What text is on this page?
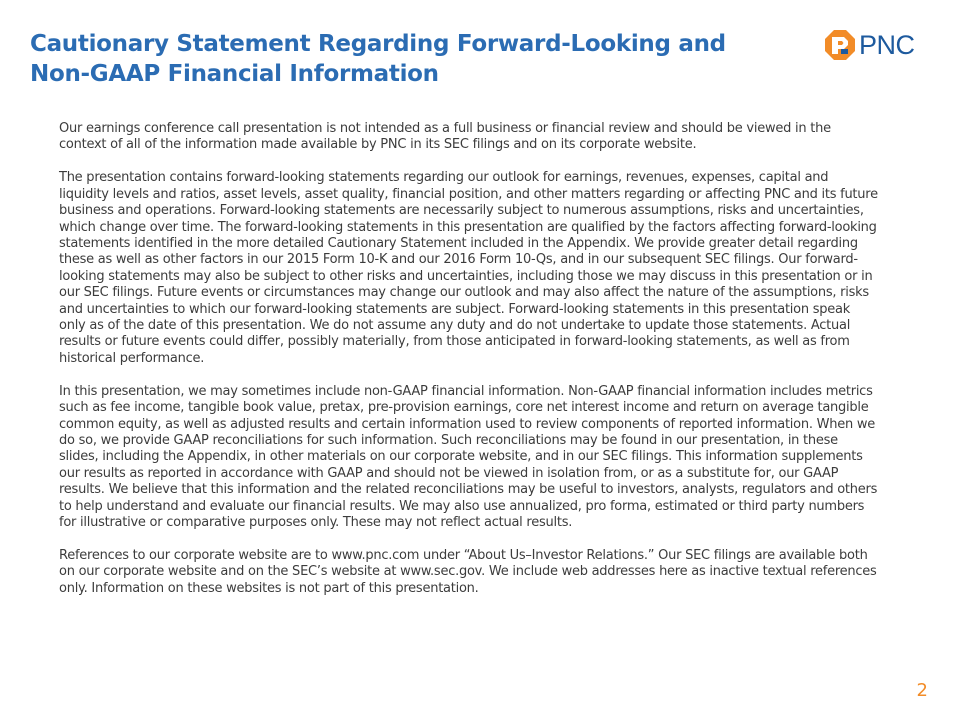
Cautionary Statement Regarding Forward-Looking and Non-GAAP Financial Information
PNC

Our earnings conference call presentation is not intended as a full business or financial review and should be viewed in the context of all of the information made available by PNC in its SEC filings and on its corporate website.

The presentation contains forward-looking statements regarding our outlook for earnings, revenues, expenses, capital and liquidity levels and ratios, asset levels, asset quality, financial position, and other matters regarding or affecting PNC and its future business and operations. Forward-looking statements are necessarily subject to numerous assumptions, risks and uncertainties, which change over time. The forward-looking statements in this presentation are qualified by the factors affecting forward-looking statements identified in the more detailed Cautionary Statement included in the Appendix. We provide greater detail regarding these as well as other factors in our 2015 Form 10-K and our 2016 Form 10-Qs, and in our subsequent SEC filings. Our forward-looking statements may also be subject to other risks and uncertainties, including those we may discuss in this presentation or in our SEC filings. Future events or circumstances may change our outlook and may also affect the nature of the assumptions, risks and uncertainties to which our forward-looking statements are subject. Forward-looking statements in this presentation speak only as of the date of this presentation. We do not assume any duty and do not undertake to update those statements. Actual results or future events could differ, possibly materially, from those anticipated in forward-looking statements, as well as from historical performance.

In this presentation, we may sometimes include non-GAAP financial information. Non-GAAP financial information includes metrics such as fee income, tangible book value, pretax, pre-provision earnings, core net interest income and return on average tangible common equity, as well as adjusted results and certain information used to review components of reported information. When we do so, we provide GAAP reconciliations for such information. Such reconciliations may be found in our presentation, in these slides, including the Appendix, in other materials on our corporate website, and in our SEC filings. This information supplements our results as reported in accordance with GAAP and should not be viewed in isolation from, or as a substitute for, our GAAP results. We believe that this information and the related reconciliations may be useful to investors, analysts, regulators and others to help understand and evaluate our financial results. We may also use annualized, pro forma, estimated or third party numbers for illustrative or comparative purposes only. These may not reflect actual results.

References to our corporate website are to www.pnc.com under “About Us–Investor Relations.” Our SEC filings are available both on our corporate website and on the SEC’s website at www.sec.gov. We include web addresses here as inactive textual references only. Information on these websites is not part of this presentation.

2
